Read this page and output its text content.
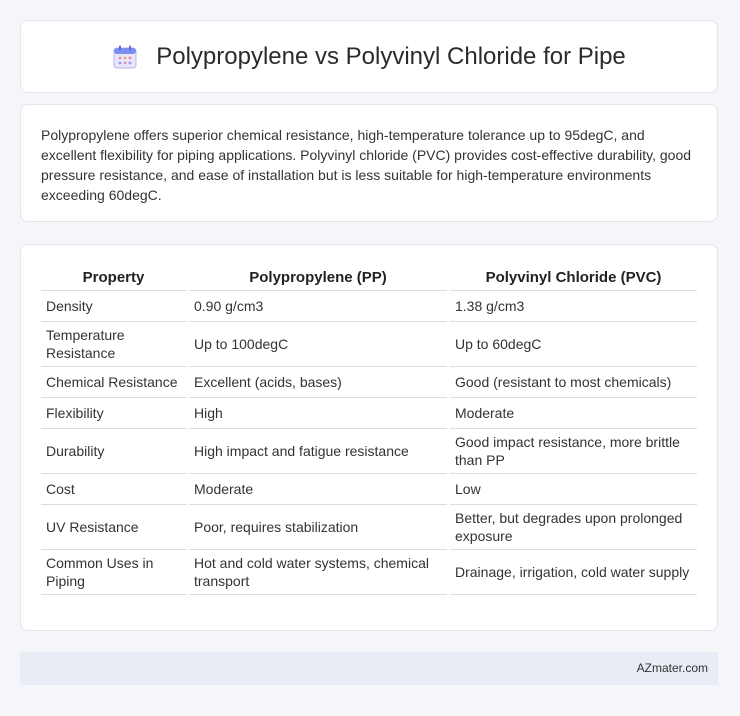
Polypropylene vs Polyvinyl Chloride for Pipe

Polypropylene offers superior chemical resistance, high-temperature tolerance up to 95degC, and excellent flexibility for piping applications. Polyvinyl chloride (PVC) provides cost-effective durability, good pressure resistance, and ease of installation but is less suitable for high-temperature environments exceeding 60degC.

Property	Polypropylene (PP)	Polyvinyl Chloride (PVC)
Density	0.90 g/cm3	1.38 g/cm3
Temperature Resistance	Up to 100degC	Up to 60degC
Chemical Resistance	Excellent (acids, bases)	Good (resistant to most chemicals)
Flexibility	High	Moderate
Durability	High impact and fatigue resistance	Good impact resistance, more brittle than PP
Cost	Moderate	Low
UV Resistance	Poor, requires stabilization	Better, but degrades upon prolonged exposure
Common Uses in Piping	Hot and cold water systems, chemical transport	Drainage, irrigation, cold water supply
AZmater.com
